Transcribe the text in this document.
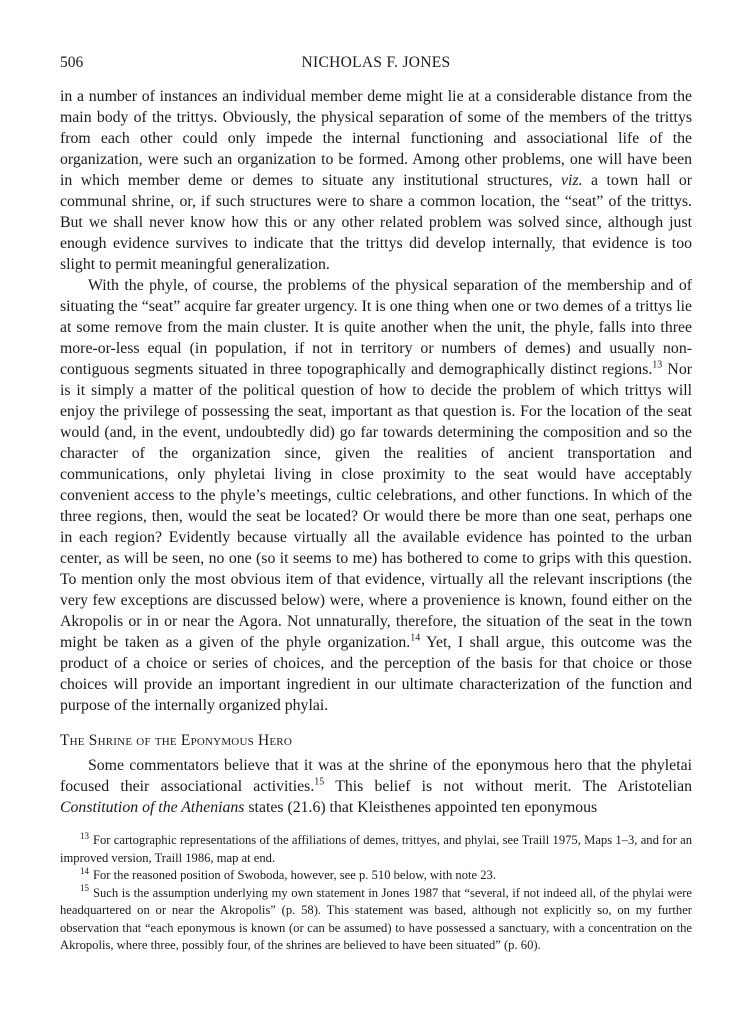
506	NICHOLAS F. JONES

in a number of instances an individual member deme might lie at a considerable distance from the main body of the trittys. Obviously, the physical separation of some of the members of the trittys from each other could only impede the internal functioning and associational life of the organization, were such an organization to be formed. Among other problems, one will have been in which member deme or demes to situate any institutional structures, viz. a town hall or communal shrine, or, if such structures were to share a common location, the “seat” of the trittys. But we shall never know how this or any other related problem was solved since, although just enough evidence survives to indicate that the trittys did develop internally, that evidence is too slight to permit meaningful generalization.

With the phyle, of course, the problems of the physical separation of the membership and of situating the “seat” acquire far greater urgency. It is one thing when one or two demes of a trittys lie at some remove from the main cluster. It is quite another when the unit, the phyle, falls into three more-or-less equal (in population, if not in territory or numbers of demes) and usually non-contiguous segments situated in three topographically and demographically distinct regions.$^{13}$ Nor is it simply a matter of the political question of how to decide the problem of which trittys will enjoy the privilege of possessing the seat, important as that question is. For the location of the seat would (and, in the event, undoubtedly did) go far towards determining the composition and so the character of the organization since, given the realities of ancient transportation and communications, only phyletai living in close proximity to the seat would have acceptably convenient access to the phyle’s meetings, cultic celebrations, and other functions. In which of the three regions, then, would the seat be located? Or would there be more than one seat, perhaps one in each region? Evidently because virtually all the available evidence has pointed to the urban center, as will be seen, no one (so it seems to me) has bothered to come to grips with this question. To mention only the most obvious item of that evidence, virtually all the relevant inscriptions (the very few exceptions are discussed below) were, where a provenience is known, found either on the Akropolis or in or near the Agora. Not unnaturally, therefore, the situation of the seat in the town might be taken as a given of the phyle organization.$^{14}$ Yet, I shall argue, this outcome was the product of a choice or series of choices, and the perception of the basis for that choice or those choices will provide an important ingredient in our ultimate characterization of the function and purpose of the internally organized phylai.

The Shrine of the Eponymous Hero

Some commentators believe that it was at the shrine of the eponymous hero that the phyletai focused their associational activities.$^{15}$ This belief is not without merit. The Aristotelian Constitution of the Athenians states (21.6) that Kleisthenes appointed ten eponymous

$^{13}$ For cartographic representations of the affiliations of demes, trittyes, and phylai, see Traill 1975, Maps 1–3, and for an improved version, Traill 1986, map at end.

$^{14}$ For the reasoned position of Swoboda, however, see p. 510 below, with note 23.

$^{15}$ Such is the assumption underlying my own statement in Jones 1987 that “several, if not indeed all, of the phylai were headquartered on or near the Akropolis” (p. 58). This statement was based, although not explicitly so, on my further observation that “each eponymous is known (or can be assumed) to have possessed a sanctuary, with a concentration on the Akropolis, where three, possibly four, of the shrines are believed to have been situated” (p. 60).
